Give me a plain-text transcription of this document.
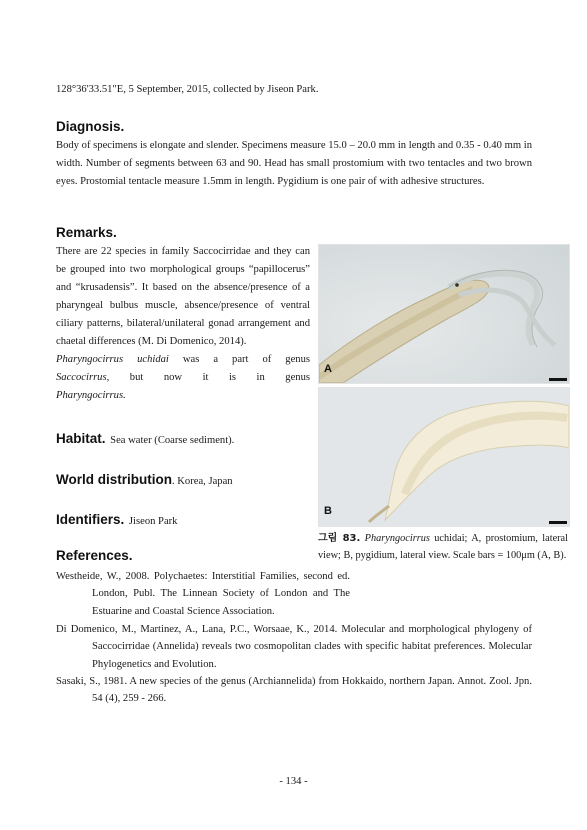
128°36'33.51"E, 5 September, 2015, collected by Jiseon Park.
Diagnosis.
Body of specimens is elongate and slender. Specimens measure 15.0 – 20.0 mm in length and 0.35 ‑ 0.40 mm in width. Number of segments between 63 and 90. Head has small prostomium with two tentacles and two brown eyes. Prostomial tentacle measure 1.5mm in length. Pygidium is one pair of with adhesive structures.
Remarks.
There are 22 species in family Saccocirridae and they can be grouped into two morphological groups “papillocerus” and “krusadensis”. It based on the absence/presence of a pharyngeal bulbus muscle, absence/presence of ventral ciliary patterns, bilateral/unilateral gonad arrangement and chaetal differences (M. Di Domenico, 2014).
Pharyngocirrus uchidai was a part of genus
Saccocirrus, but now it is in genus
Pharyngocirrus.
Habitat. Sea water (Coarse sediment).
World distribution. Korea, Japan
Identifiers. Jiseon Park
A
B
그림 83. Pharyngocirrus uchidai; A, prostomium, lateral view; B, pygidium, lateral view. Scale bars = 100μm (A, B).
References.
Westheide, W., 2008. Polychaetes: Interstitial Families, second ed. London, Publ. The Linnean Society of London and The Estuarine and Coastal Science Association.
Di Domenico, M., Martinez, A., Lana, P.C., Worsaae, K., 2014. Molecular and morphological phylogeny of Saccocirridae (Annelida) reveals two cosmopolitan clades with specific habitat preferences. Molecular Phylogenetics and Evolution.
Sasaki, S., 1981. A new species of the genus (Archiannelida) from Hokkaido, northern Japan. Annot. Zool. Jpn. 54 (4), 259 ‑ 266.
- 134 -
